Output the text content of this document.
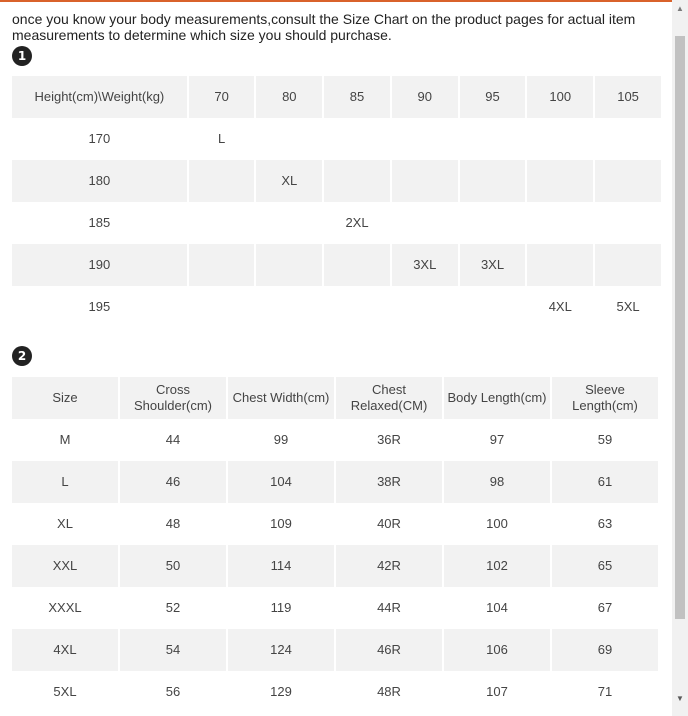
once you know your body measurements,consult the Size Chart on the product pages for actual item measurements to determine which size you should purchase.
1
Height(cm)\Weight(kg)	70	80	85	90	95	100	105
170	L						
180		XL					
185			2XL				
190				3XL	3XL		
195						4XL	5XL
2
Size	Cross Shoulder(cm)	Chest Width(cm)	Chest Relaxed(CM)	Body Length(cm)	Sleeve Length(cm)
M	44	99	36R	97	59
L	46	104	38R	98	61
XL	48	109	40R	100	63
XXL	50	114	42R	102	65
XXXL	52	119	44R	104	67
4XL	54	124	46R	106	69
5XL	56	129	48R	107	71
▲
▼
